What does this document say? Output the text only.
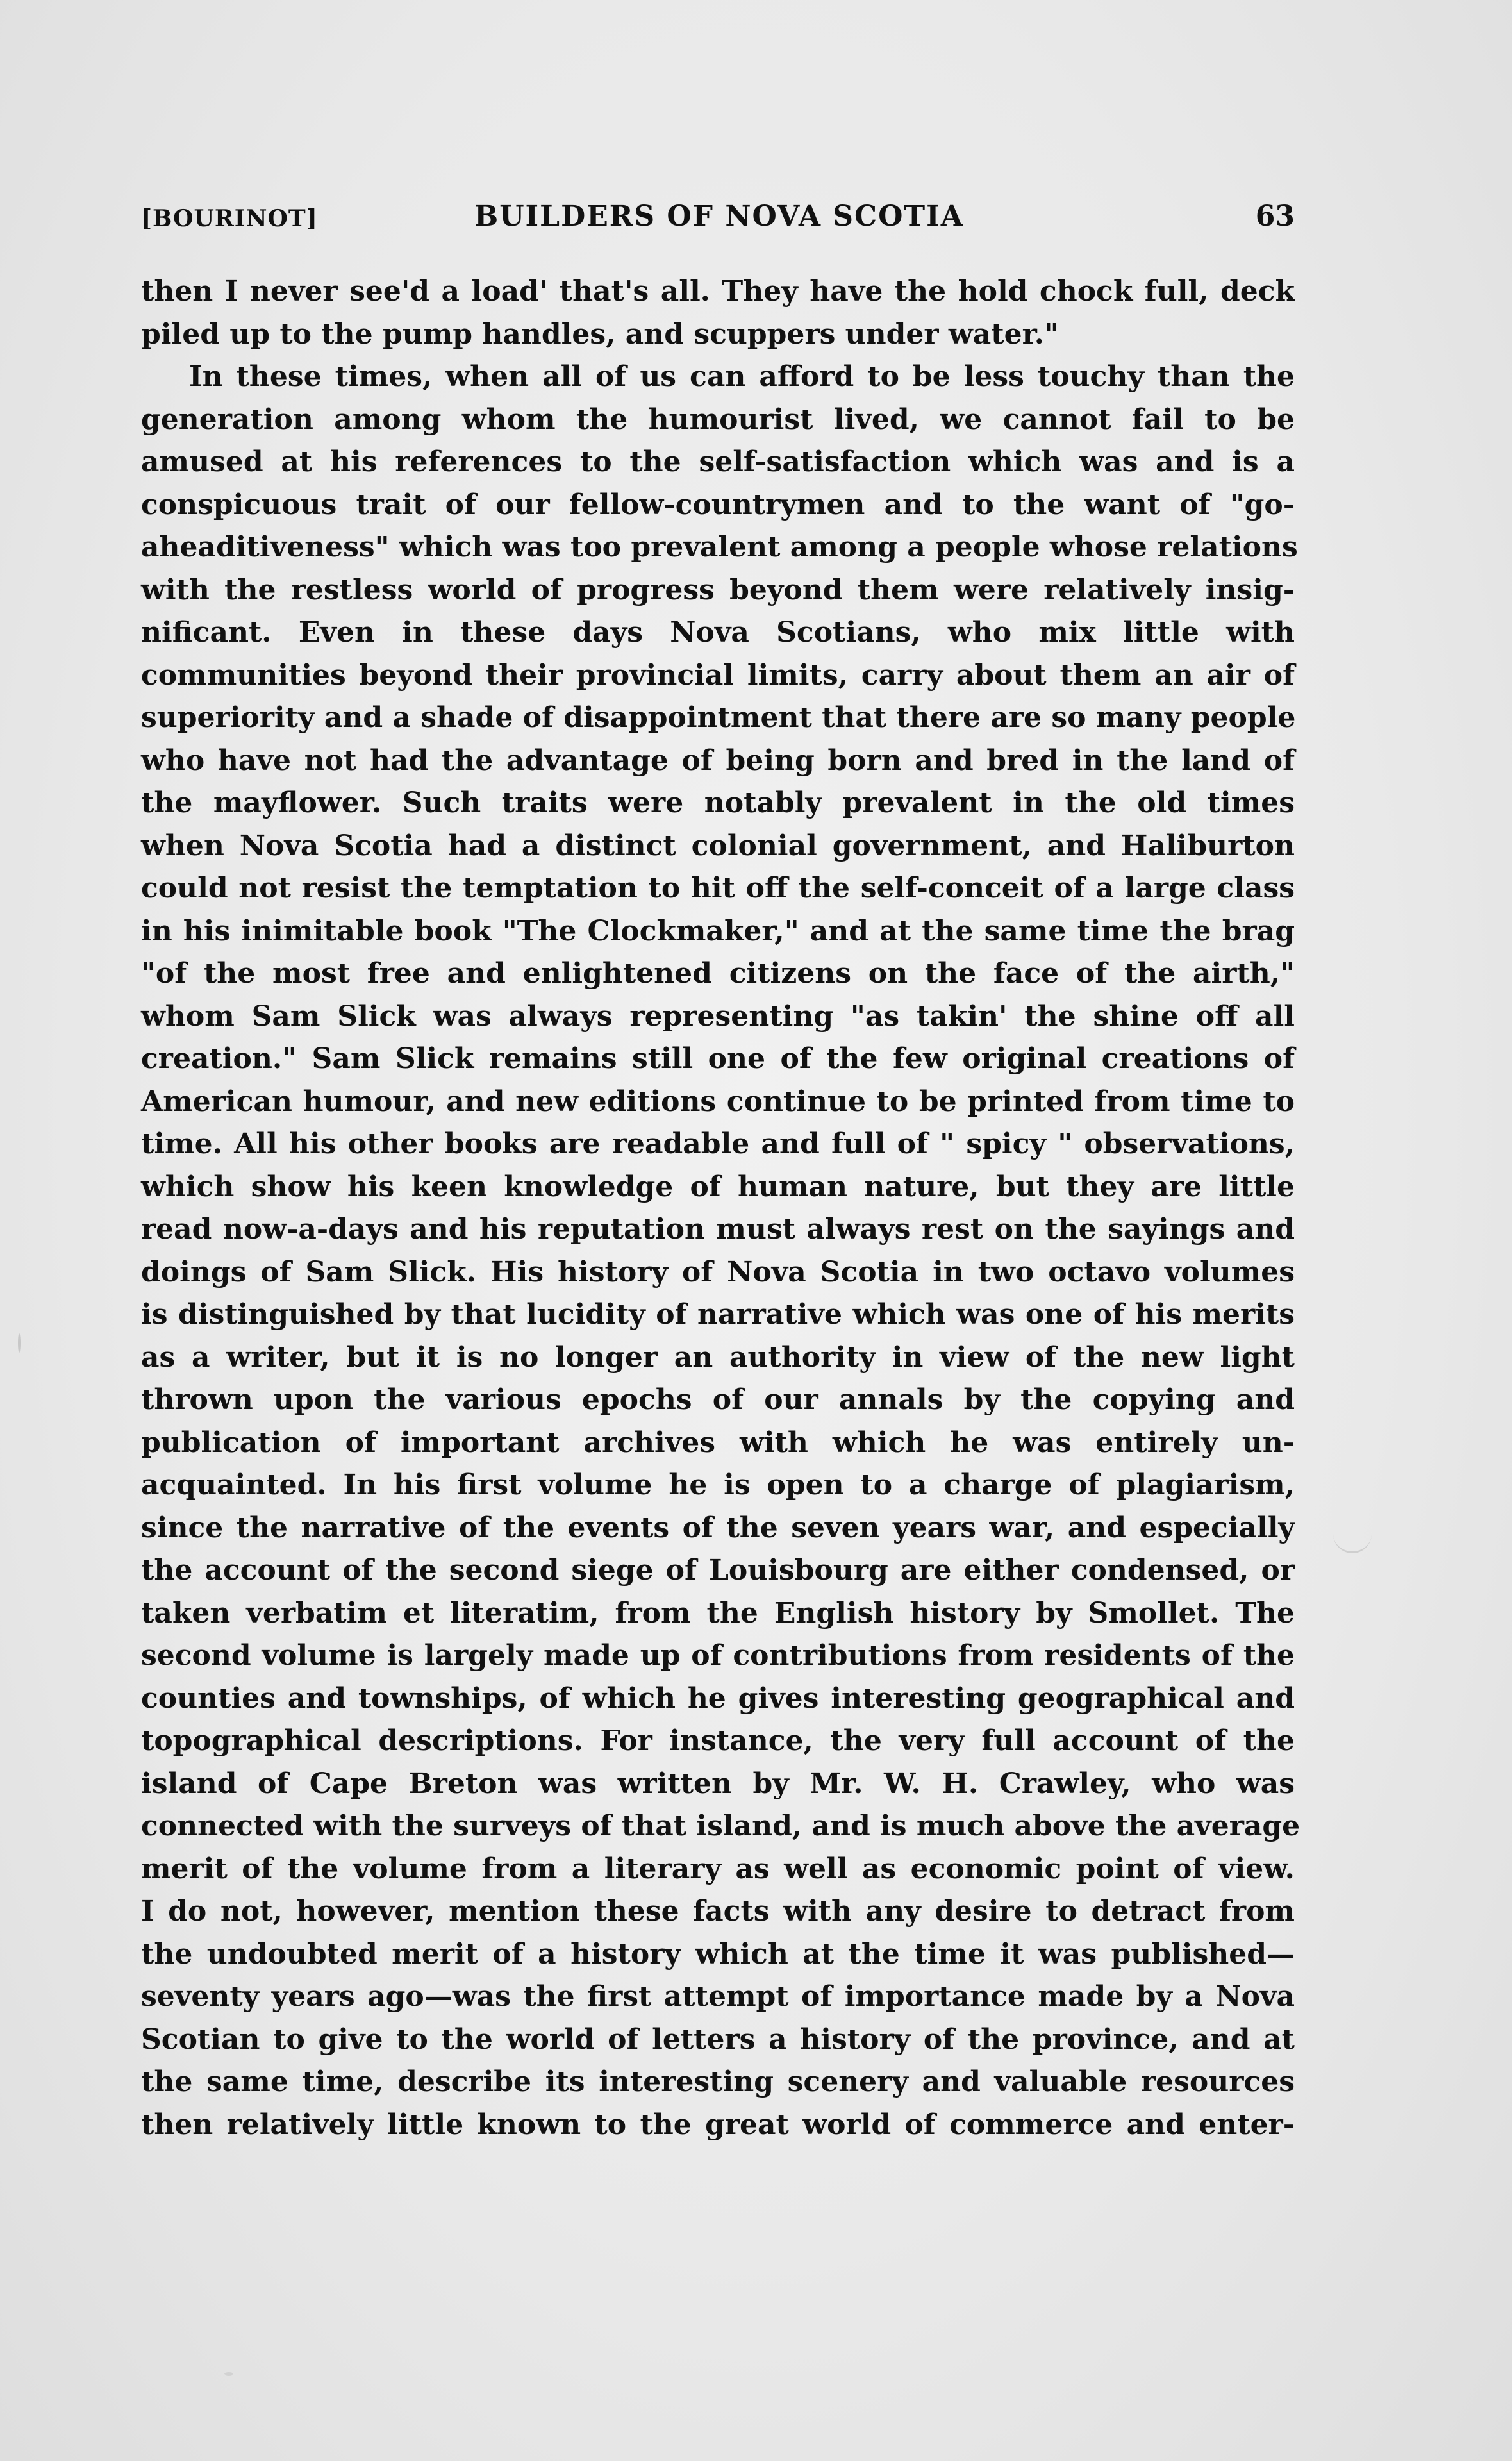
[BOURINOT]	BUILDERS OF NOVA SCOTIA	63
then I never see'd a load' that's all. They have the hold chock full, deck
piled up to the pump handles, and scuppers under water."
In these times, when all of us can afford to be less touchy than the
generation among whom the humourist lived, we cannot fail to be
amused at his references to the self-satisfaction which was and is a
conspicuous trait of our fellow-countrymen and to the want of "go-
aheaditiveness" which was too prevalent among a people whose relations
with the restless world of progress beyond them were relatively insig-
nificant. Even in these days Nova Scotians, who mix little with
communities beyond their provincial limits, carry about them an air of
superiority and a shade of disappointment that there are so many people
who have not had the advantage of being born and bred in the land of
the mayflower. Such traits were notably prevalent in the old times
when Nova Scotia had a distinct colonial government, and Haliburton
could not resist the temptation to hit off the self-conceit of a large class
in his inimitable book "The Clockmaker," and at the same time the brag
"of the most free and enlightened citizens on the face of the airth,"
whom Sam Slick was always representing "as takin' the shine off all
creation." Sam Slick remains still one of the few original creations of
American humour, and new editions continue to be printed from time to
time. All his other books are readable and full of " spicy " observations,
which show his keen knowledge of human nature, but they are little
read now-a-days and his reputation must always rest on the sayings and
doings of Sam Slick. His history of Nova Scotia in two octavo volumes
is distinguished by that lucidity of narrative which was one of his merits
as a writer, but it is no longer an authority in view of the new light
thrown upon the various epochs of our annals by the copying and
publication of important archives with which he was entirely un-
acquainted. In his first volume he is open to a charge of plagiarism,
since the narrative of the events of the seven years war, and especially
the account of the second siege of Louisbourg are either condensed, or
taken verbatim et literatim, from the English history by Smollet. The
second volume is largely made up of contributions from residents of the
counties and townships, of which he gives interesting geographical and
topographical descriptions. For instance, the very full account of the
island of Cape Breton was written by Mr. W. H. Crawley, who was
connected with the surveys of that island, and is much above the average
merit of the volume from a literary as well as economic point of view.
I do not, however, mention these facts with any desire to detract from
the undoubted merit of a history which at the time it was published—
seventy years ago—was the first attempt of importance made by a Nova
Scotian to give to the world of letters a history of the province, and at
the same time, describe its interesting scenery and valuable resources
then relatively little known to the great world of commerce and enter-
